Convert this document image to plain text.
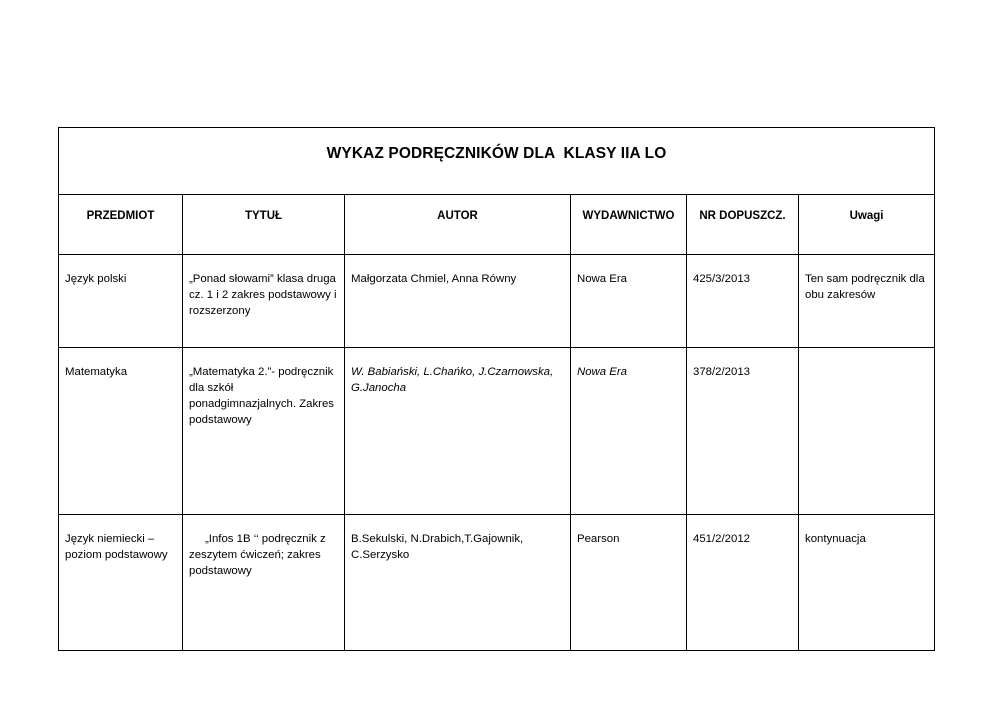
WYKAZ PODRĘCZNIKÓW DLA  KLASY IIA LO					

PRZEDMIOT	TYTUŁ	AUTOR	WYDAWNICTWO	NR DOPUSZCZ.	Uwagi

Język polski	„Ponad słowami” klasa druga cz. 1 i 2 zakres podstawowy i rozszerzony	Małgorzata Chmiel, Anna Równy	Nowa Era	425/3/2013	Ten sam podręcznik dla obu zakresów

Matematyka	„Matematyka 2.”- podręcznik dla szkół ponadgimnazjalnych. Zakres podstawowy	W. Babiański, L.Chańko, J.Czarnowska, G.Janocha	Nowa Era	378/2/2013	

Język niemiecki – poziom podstawowy	„Infos 1B ‘‘ podręcznik z zeszytem ćwiczeń; zakres podstawowy	B.Sekulski, N.Drabich,T.Gajownik, C.Serzysko	Pearson	451/2/2012	kontynuacja
